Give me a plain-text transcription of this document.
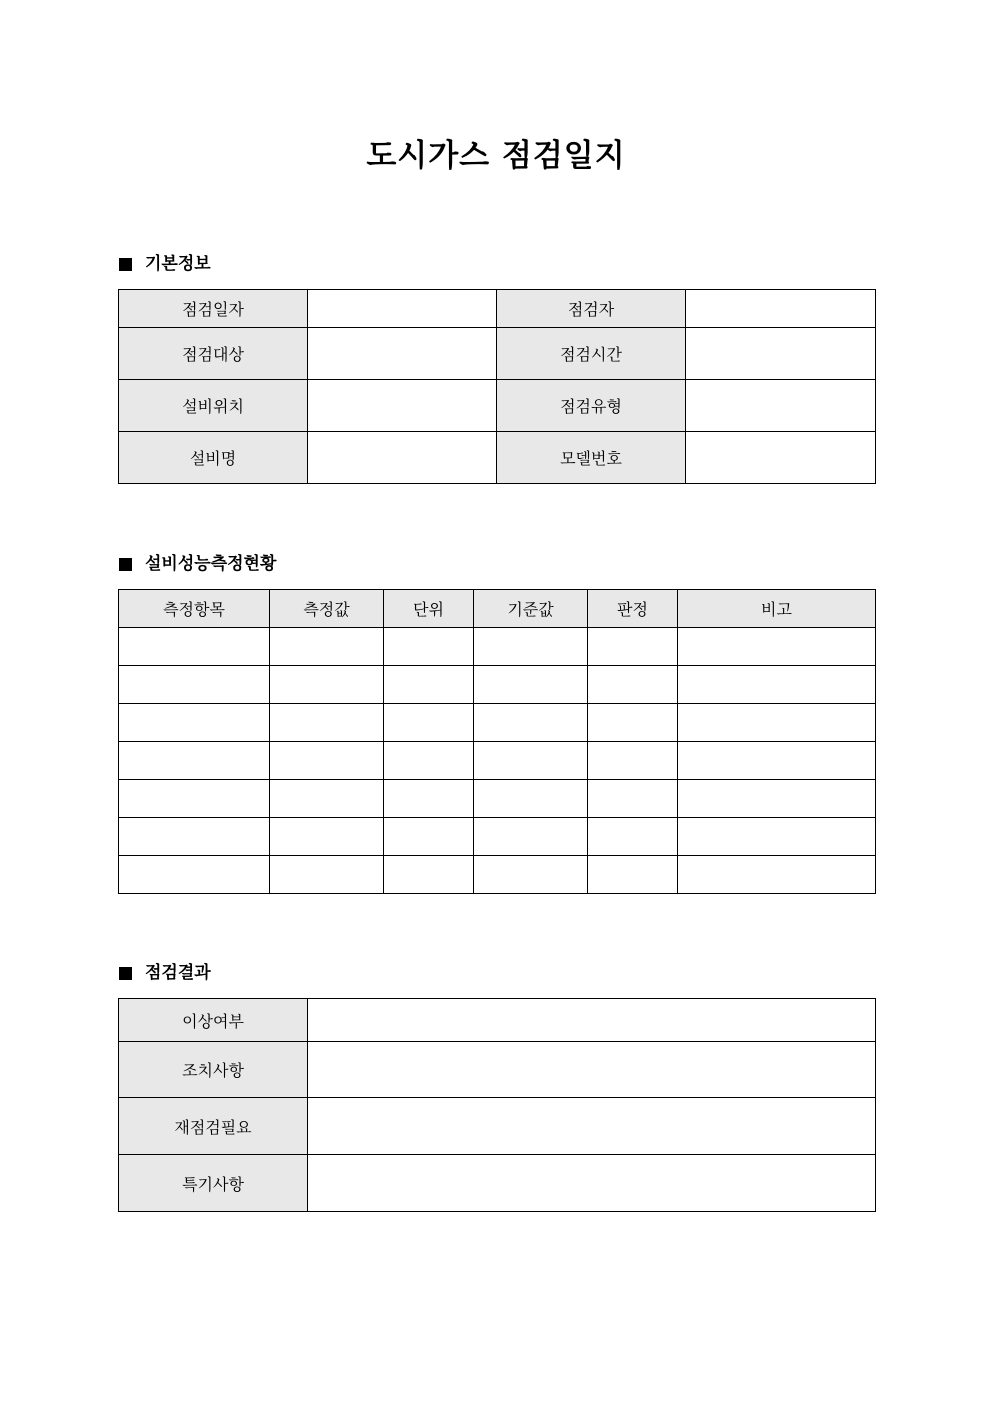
도시가스 점검일지
기본정보
점검일자		점검자	
점검대상		점검시간	
설비위치		점검유형	
설비명		모델번호	
설비성능측정현황
측정항목	측정값	단위	기준값	판정	비고

점검결과
이상여부	
조치사항	
재점검필요	
특기사항	
